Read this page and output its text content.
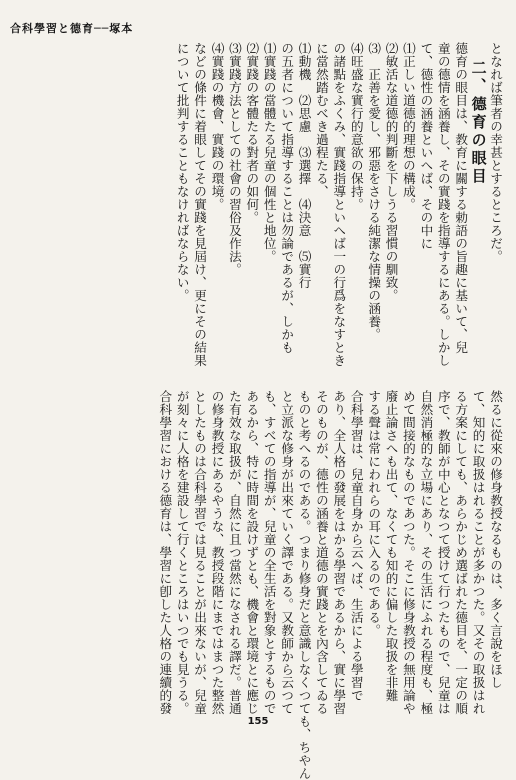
合科學習と德育──塚本

となれば筆者の幸甚とするところだ。

二、德育の眼目

德育の眼目は、教育に關する勅語の旨趣に基いて、兒

童の德情を涵養し、その實踐を指導するにある。しかし

て、德性の涵養といへば、その中に

⑴正しい道德的理想の構成。

⑵敏活な道德的判斷を下しうる習慣の馴致。

⑶　正善を愛し、邪惡をさける純潔な情操の涵養。

⑷旺盛な實行的意欲の保持。

の諸點をふくみ、實踐指導といへば一の行爲をなすとき

に當然踏むべき過程たる、

⑴動機　⑵思慮　⑶選擇　⑷決意　⑸實行

の五者について指導することは勿論であるが、しかも

⑴實踐の當體たる兒童の個性と地位。

⑵實踐の客體たる對者の如何。

⑶實踐方法としての社會の習俗及作法。

⑷實踐の機會、實踐の環境。

などの條件に着眼してその實踐を見屆け、更にその結果

について批判することもなければならない。

然るに從來の修身教授なるものは、多く言說をほし

て、知的に取扱はれることが多かつた。又その取扱はれ

る方案にしても、あらかじめ選ばれた德目を、一定の順

序で、教師が中心となつて授けて行つたもので、兒童は

自然消極的な立場にあり、その生活にふれる程度も、極

めて間接的なものであつた。そこに修身教授の無用論や

廢止論さへも出て、なくても知的に偏した取扱を非難

する聲は常にわれらの耳に入るのである。

合科學習は、兒童自身から云へば、生活による學習で

あり、全人格の發展をはかる學習であるから、實に學習

そのものが、德性の涵養と道德の實踐とを內含してゐる

ものと考へるのである。つまり修身だと意識しなくつても、ちやん

と立派な修身が出來ていく譯である。又教師から云つて

も、すべての指導が、兒童の全生活を對象とするもので

あるから、特に時間を設けずとも、機會と環境とに應じ

た有效な取扱が、自然に且つ當然になされる譯だ。普通

の修身教授にあるやうな、教授段階にまではまつた整然

としたものは合科學習では見ることが出來ないが、兒童

が刻々に人格を建設して行くところはいつでも見うる。

合科學習における德育は、學習に卽した人格の連續的發

155
